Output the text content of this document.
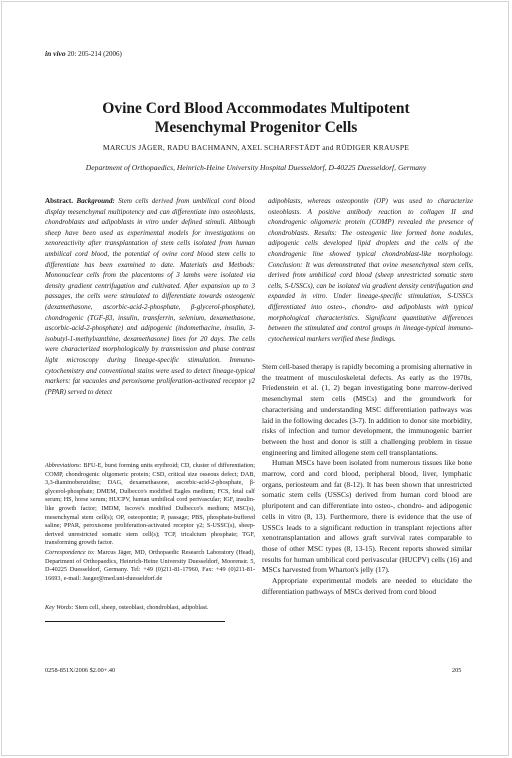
in vivo 20: 205-214 (2006)
Ovine Cord Blood Accommodates Multipotent
Mesenchymal Progenitor Cells
MARCUS JÄGER, RADU BACHMANN, AXEL SCHARFSTÄDT and RÜDIGER KRAUSPE
Department of Orthopaedics, Heinrich-Heine University Hospital Duesseldorf, D-40225 Duesseldorf, Germany

Abstract. Background: Stem cells derived from umbilical cord blood display mesenchymal multipotency and can differentiate into osteoblasts, chondroblasts and adipoblasts in vitro under defined stimuli. Although sheep have been used as experimental models for investigations on xenoreactivity after transplantation of stem cells isolated from human umbilical cord blood, the potential of ovine cord blood stem cells to differentiate has been examined to date. Materials and Methods: Mononuclear cells from the placentoms of 3 lambs were isolated via density gradient centrifugation and cultivated. After expansion up to 3 passages, the cells were stimulated to differentiate towards osteogenic (dexamethasone, ascorbic-acid-2-phosphate, β-glycerol-phosphate), chondrogenic (TGF-β3, insulin, transferrin, selenium, dexamethasone, ascorbic-acid-2-phosphate) and adipogenic (indomethacine, insulin, 3-isobutyl-1-methylxanthine, dexamethasone) lines for 20 days. The cells were characterized morphologically by transmission and phase contrast light microscopy during lineage-specific stimulation. Immuno-cytochemistry and conventional stains were used to detect lineage-typical markers: fat vacuoles and peroxisome proliferation-activated receptor γ2 (PPAR) served to detect

adipoblasts, whereas osteopontin (OP) was used to characterize osteoblasts. A positive antibody reaction to collagen II and chondrogenic oligomeric protein (COMP) revealed the presence of chondroblasts. Results: The osteogenic line formed bone nodules, adipogenic cells developed lipid droplets and the cells of the chondrogenic line showed typical chondroblast-like morphology. Conclusion: It was demonstrated that ovine mesenchymal stem cells, derived from umbilical cord blood (sheep unrestricted somatic stem cells, S-USSCs), can be isolated via gradient density centrifugation and expanded in vitro. Under lineage-specific stimulation, S-USSCs differentiated into osteo-, chondro- and adipoblasts with typical morphological characteristics. Significant quantitative differences between the stimulated and control groups in lineage-typical immuno-cytochemical markers verified these findings.

Abbreviations: BFU-E, burst forming units erythroid; CD, cluster of differentiation; COMP, chondrogenic oligomeric protein; CSD, critical size osseous defect; DAB, 3,3-diaminobenzidine; DAG, dexamethasone, ascorbic-acid-2-phosphate, β-glycerol-phosphate; DMEM, Dulbecco's modified Eagles medium; FCS, fetal calf serum; HS, horse serum; HUCPV, human umbilical cord perivascular; IGF, insulin-like growth factor; IMDM, Iscove's modified Dulbecco's medium; MSC(s), mesenchymal stem cell(s); OP, osteopontin; P, passage; PBS, phosphate-buffered saline; PPAR, peroxisome proliferation-activated receptor γ2; S-USSC(s), sheep-derived unrestricted somatic stem cell(s); TCP, tricalcium phosphate; TGF, transforming growth factor.

Correspondence to: Marcus Jäger, MD, Orthopaedic Research Laboratory (Head), Department of Orthopaedics, Heinrich-Heine University Duesseldorf, Moorenstr. 5, D-40225 Duesseldorf, Germany. Tel: +49 (0)211-81-17960, Fax: +49 (0)211-81-16693, e-mail: Jaeger@med.uni-duesseldorf.de

Key Words: Stem cell, sheep, osteoblast, chondroblast, adipoblast.

Stem cell-based therapy is rapidly becoming a promising alternative in the treatment of musculoskeletal defects. As early as the 1970s, Friedenstein et al. (1, 2) began investigating bone marrow-derived mesenchymal stem cells (MSCs) and the groundwork for characterising and understanding MSC differentiation pathways was laid in the following decades (3-7). In addition to donor site morbidity, risks of infection and tumor development, the immunogenic barrier between the host and donor is still a challenging problem in tissue engineering and limited allogene stem cell transplantations.

Human MSCs have been isolated from numerous tissues like bone marrow, cord and cord blood, peripheral blood, liver, lymphatic organs, periosteum and fat (8-12). It has been shown that unrestricted somatic stem cells (USSCs) derived from human cord blood are pluripotent and can differentiate into osteo-, chondro- and adipogenic cells in vitro (8, 13). Furthermore, there is evidence that the use of USSCs leads to a significant reduction in transplant rejections after xenotransplantation and allows graft survival rates comparable to those of other MSC types (8, 13-15). Recent reports showed similar results for human umbilical cord perivascular (HUCPV) cells (16) and MSCs harvested from Wharton's jelly (17).

Appropriate experimental models are needed to elucidate the differentiation pathways of MSCs derived from cord blood

0258-851X/2006 $2.00+.40	205
